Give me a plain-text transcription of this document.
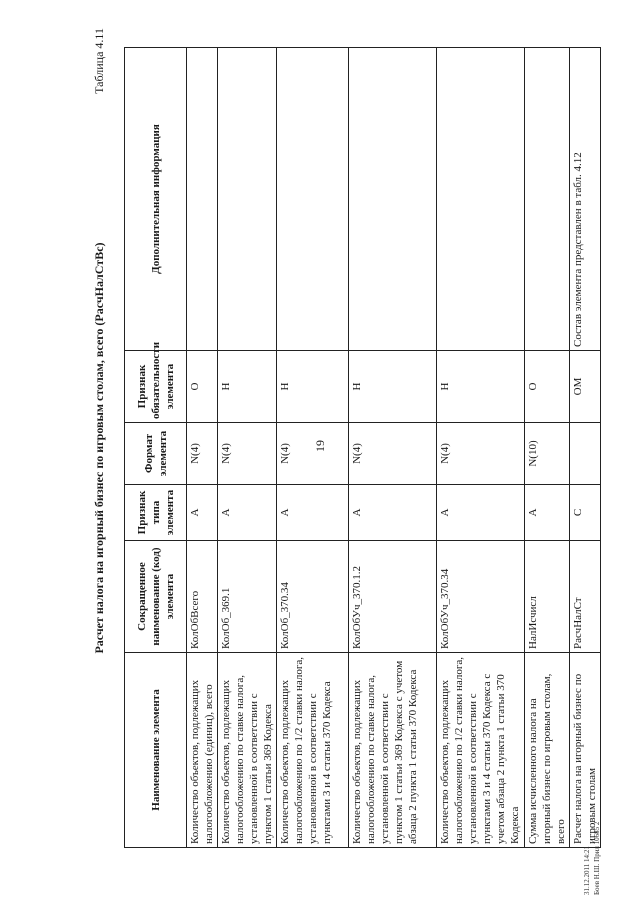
19
Таблица 4.11
Расчет налога на игорный бизнес по игровым столам, всего (РасчНалСтВс)
Наименование элемента	Сокращенное наименование (код) элемента	Признак типа элемента	Формат элемента	Признак обязательности элемента	Дополнительная информация
Количество объектов, подлежащих налогообложению (единиц), всего	КолОбВсего	А	N(4)	О	
Количество объектов, подлежащих налогообложению по ставке налога, установленной в соответствии с пунктом 1 статьи 369 Кодекса	КолОб_369.1	А	N(4)	Н	
Количество объектов, подлежащих налогообложению по 1/2 ставки налога, установленной в соответствии с пунктами 3 и 4 статьи 370 Кодекса	КолОб_370.34	А	N(4)	Н	
Количество объектов, подлежащих налогообложению по ставке налога, установленной в соответствии с пунктом 1 статьи 369 Кодекса с учетом абзаца 2 пункта 1 статьи 370 Кодекса	КолОбУч_370.1.2	А	N(4)	Н	
Количество объектов, подлежащих налогообложению по 1/2 ставки налога, установленной в соответствии с пунктами 3 и 4 статьи 370 Кодекса с учетом абзаца 2 пункта 1 статьи 370 Кодекса	КолОбУч_370.34	А	N(4)	Н	
Сумма исчисленного налога на игорный бизнес по игровым столам, всего	НалИсчисл	А	N(10)	О	
Расчет налога на игорный бизнес по игровым столам	РасчНалСт	С		ОМ	Состав элемента представлен в табл. 4.12
31.12.2011 14:21 Боев Н.Ш. Прил 10685 2
